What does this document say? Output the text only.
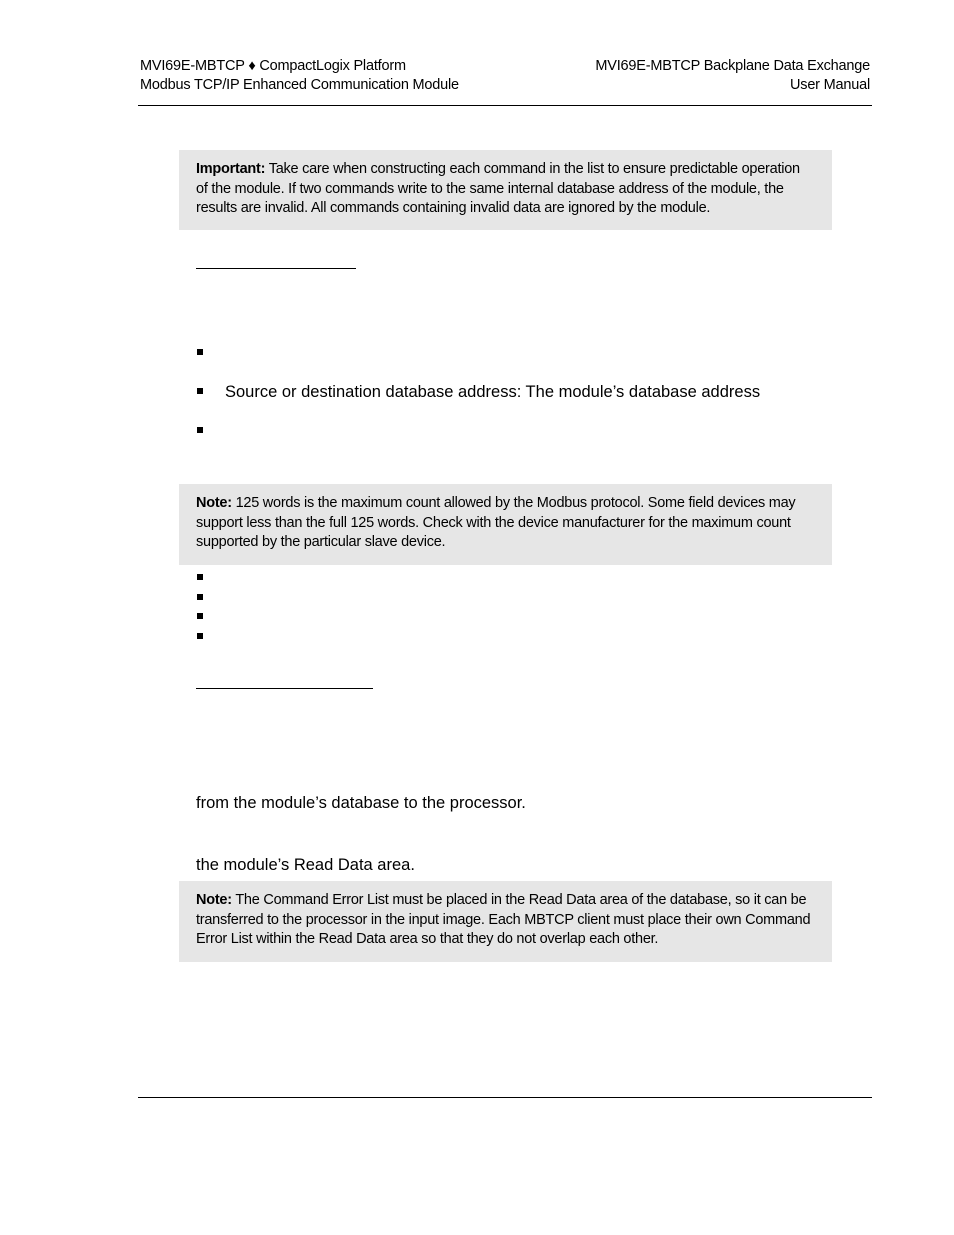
MVI69E-MBTCP ♦ CompactLogix Platform
Modbus TCP/IP Enhanced Communication Module
MVI69E-MBTCP Backplane Data Exchange
User Manual
Important: Take care when constructing each command in the list to ensure predictable operation of the module. If two commands write to the same internal database address of the module, the results are invalid. All commands containing invalid data are ignored by the module.
Source or destination database address: The module’s database address
Note: 125 words is the maximum count allowed by the Modbus protocol. Some field devices may support less than the full 125 words. Check with the device manufacturer for the maximum count supported by the particular slave device.
from the module’s database to the processor.
the module’s Read Data area.
Note: The Command Error List must be placed in the Read Data area of the database, so it can be transferred to the processor in the input image. Each MBTCP client must place their own Command Error List within the Read Data area so that they do not overlap each other.
